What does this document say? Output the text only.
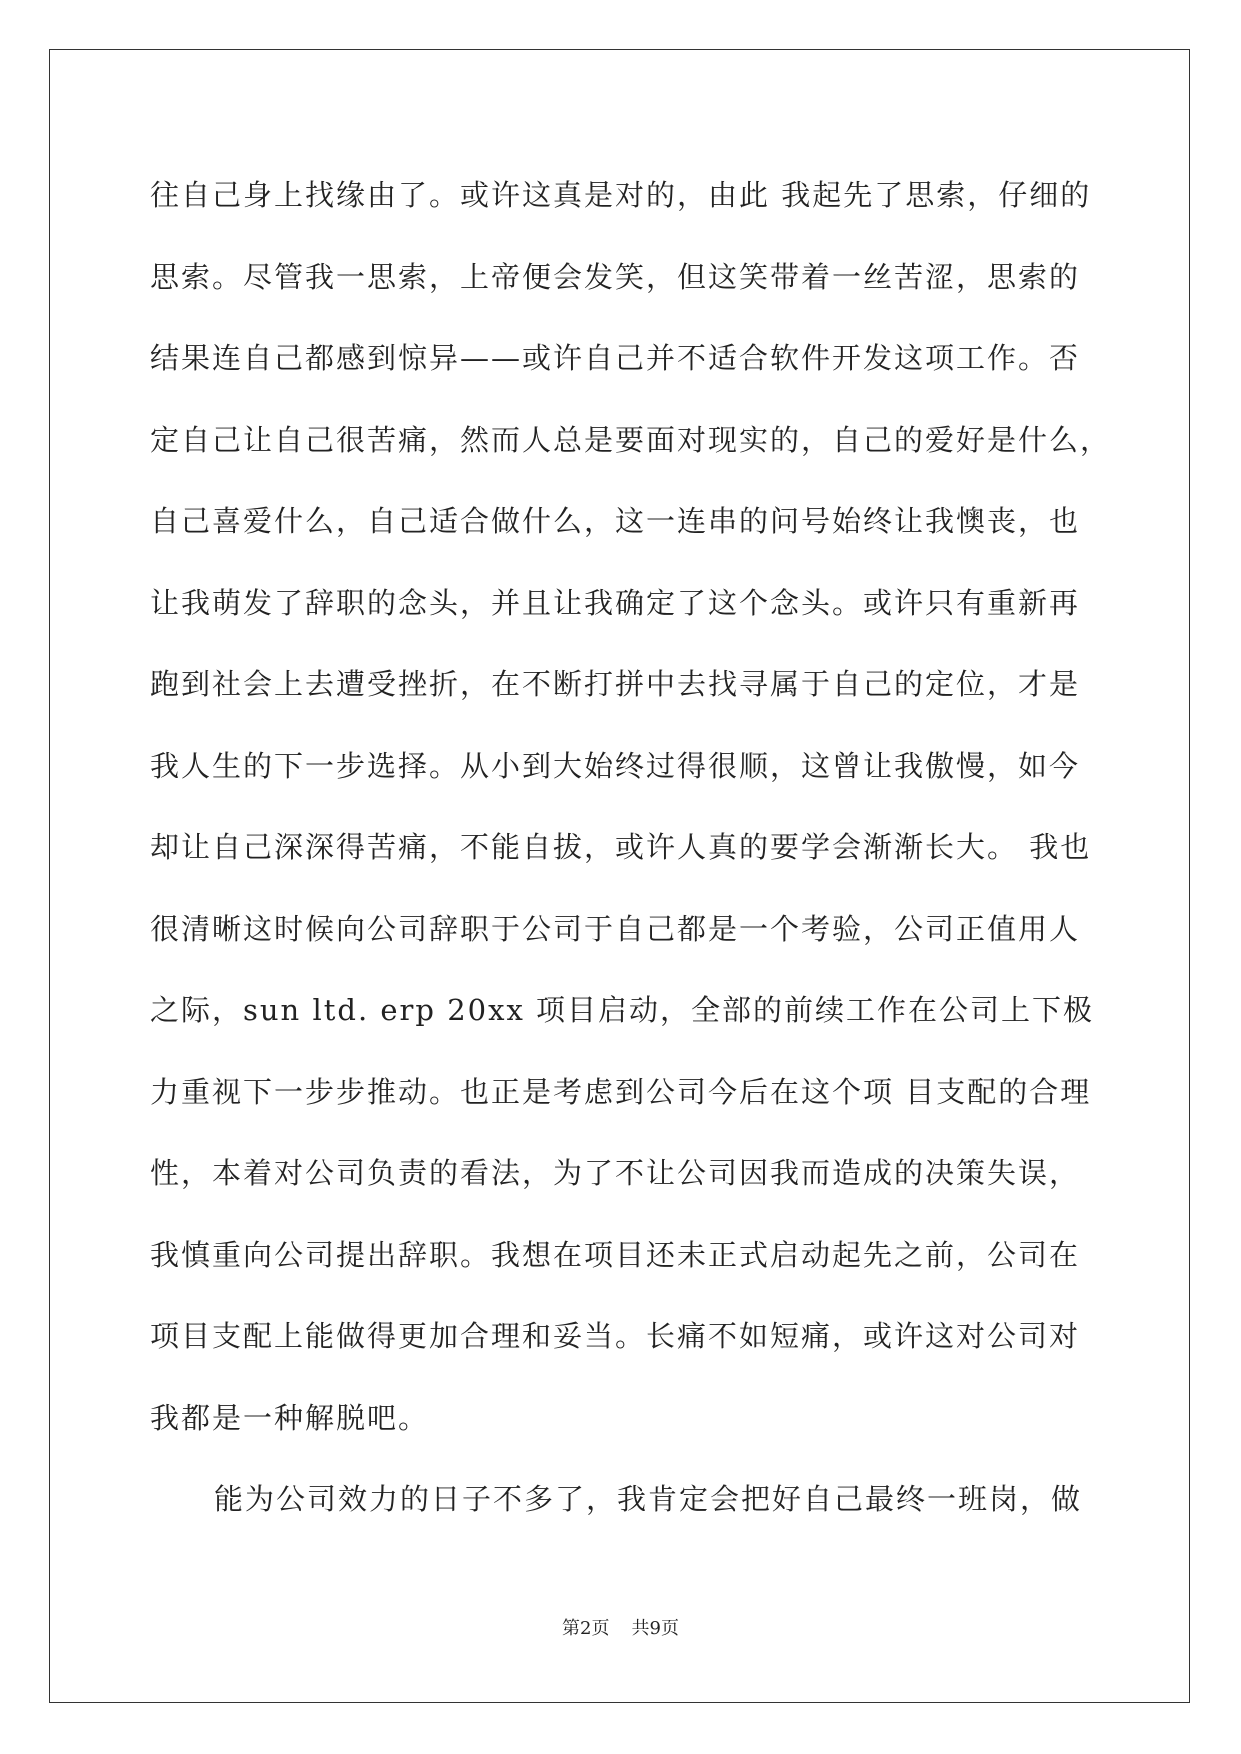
往自己身上找缘由了。或许这真是对的，由此 我起先了思索，仔细的
思索。尽管我一思索，上帝便会发笑，但这笑带着一丝苦涩，思索的
结果连自己都感到惊异——或许自己并不适合软件开发这项工作。否
定自己让自己很苦痛，然而人总是要面对现实的，自己的爱好是什么，
自己喜爱什么，自己适合做什么，这一连串的问号始终让我懊丧，也
让我萌发了辞职的念头，并且让我确定了这个念头。或许只有重新再
跑到社会上去遭受挫折，在不断打拼中去找寻属于自己的定位，才是
我人生的下一步选择。从小到大始终过得很顺，这曾让我傲慢，如今
却让自己深深得苦痛，不能自拔，或许人真的要学会渐渐长大。 我也
很清晰这时候向公司辞职于公司于自己都是一个考验，公司正值用人
之际，sun ltd. erp 20xx 项目启动，全部的前续工作在公司上下极
力重视下一步步推动。也正是考虑到公司今后在这个项 目支配的合理
性，本着对公司负责的看法，为了不让公司因我而造成的决策失误，
我慎重向公司提出辞职。我想在项目还未正式启动起先之前，公司在
项目支配上能做得更加合理和妥当。长痛不如短痛，或许这对公司对
我都是一种解脱吧。
能为公司效力的日子不多了，我肯定会把好自己最终一班岗，做
第2页 共9页
